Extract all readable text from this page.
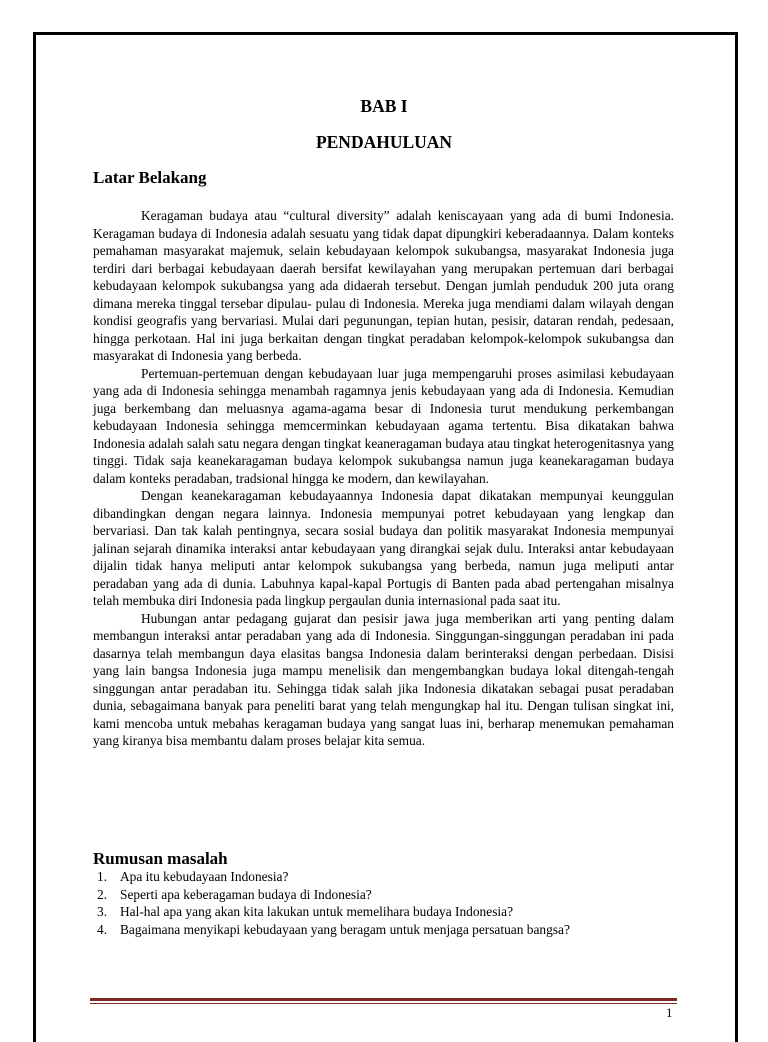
BAB I
PENDAHULUAN
Latar Belakang

Keragaman budaya atau “cultural diversity” adalah keniscayaan yang ada di bumi Indonesia. Keragaman budaya di Indonesia adalah sesuatu yang tidak dapat dipungkiri keberadaannya. Dalam konteks pemahaman masyarakat majemuk, selain kebudayaan kelompok sukubangsa, masyarakat Indonesia juga terdiri dari berbagai kebudayaan daerah bersifat kewilayahan yang merupakan pertemuan dari berbagai kebudayaan kelompok sukubangsa yang ada didaerah tersebut. Dengan jumlah penduduk 200 juta orang dimana mereka tinggal tersebar dipulau- pulau di Indonesia. Mereka juga mendiami dalam wilayah dengan kondisi geografis yang bervariasi. Mulai dari pegunungan, tepian hutan, pesisir, dataran rendah, pedesaan, hingga perkotaan. Hal ini juga berkaitan dengan tingkat peradaban kelompok-kelompok sukubangsa dan masyarakat di Indonesia yang berbeda.

Pertemuan-pertemuan dengan kebudayaan luar juga mempengaruhi proses asimilasi kebudayaan yang ada di Indonesia sehingga menambah ragamnya jenis kebudayaan yang ada di Indonesia. Kemudian juga berkembang dan meluasnya agama-agama besar di Indonesia turut mendukung perkembangan kebudayaan Indonesia sehingga memcerminkan kebudayaan agama tertentu. Bisa dikatakan bahwa Indonesia adalah salah satu negara dengan tingkat keaneragaman budaya atau tingkat heterogenitasnya yang tinggi. Tidak saja keanekaragaman budaya kelompok sukubangsa namun juga keanekaragaman budaya dalam konteks peradaban, tradsional hingga ke modern, dan kewilayahan.

Dengan keanekaragaman kebudayaannya Indonesia dapat dikatakan mempunyai keunggulan dibandingkan dengan negara lainnya. Indonesia mempunyai potret kebudayaan yang lengkap dan bervariasi. Dan tak kalah pentingnya, secara sosial budaya dan politik masyarakat Indonesia mempunyai jalinan sejarah dinamika interaksi antar kebudayaan yang dirangkai sejak dulu. Interaksi antar kebudayaan dijalin tidak hanya meliputi antar kelompok sukubangsa yang berbeda, namun juga meliputi antar peradaban yang ada di dunia. Labuhnya kapal-kapal Portugis di Banten pada abad pertengahan misalnya telah membuka diri Indonesia pada lingkup pergaulan dunia internasional pada saat itu.

Hubungan antar pedagang gujarat dan pesisir jawa juga memberikan arti yang penting dalam membangun interaksi antar peradaban yang ada di Indonesia. Singgungan-singgungan peradaban ini pada dasarnya telah membangun daya elasitas bangsa Indonesia dalam berinteraksi dengan perbedaan. Disisi yang lain bangsa Indonesia juga mampu menelisik dan mengembangkan budaya lokal ditengah-tengah singgungan antar peradaban itu. Sehingga tidak salah jika Indonesia dikatakan sebagai pusat peradaban dunia, sebagaimana banyak para peneliti barat yang telah mengungkap hal itu. Dengan tulisan singkat ini, kami mencoba untuk mebahas keragaman budaya yang sangat luas ini, berharap menemukan pemahaman yang kiranya bisa membantu dalam proses belajar kita semua.

Rumusan masalah
1. Apa itu kebudayaan Indonesia?
2. Seperti apa keberagaman budaya di Indonesia?
3. Hal-hal apa yang akan kita lakukan untuk memelihara budaya Indonesia?
4. Bagaimana menyikapi kebudayaan yang beragam untuk menjaga persatuan bangsa?
1
